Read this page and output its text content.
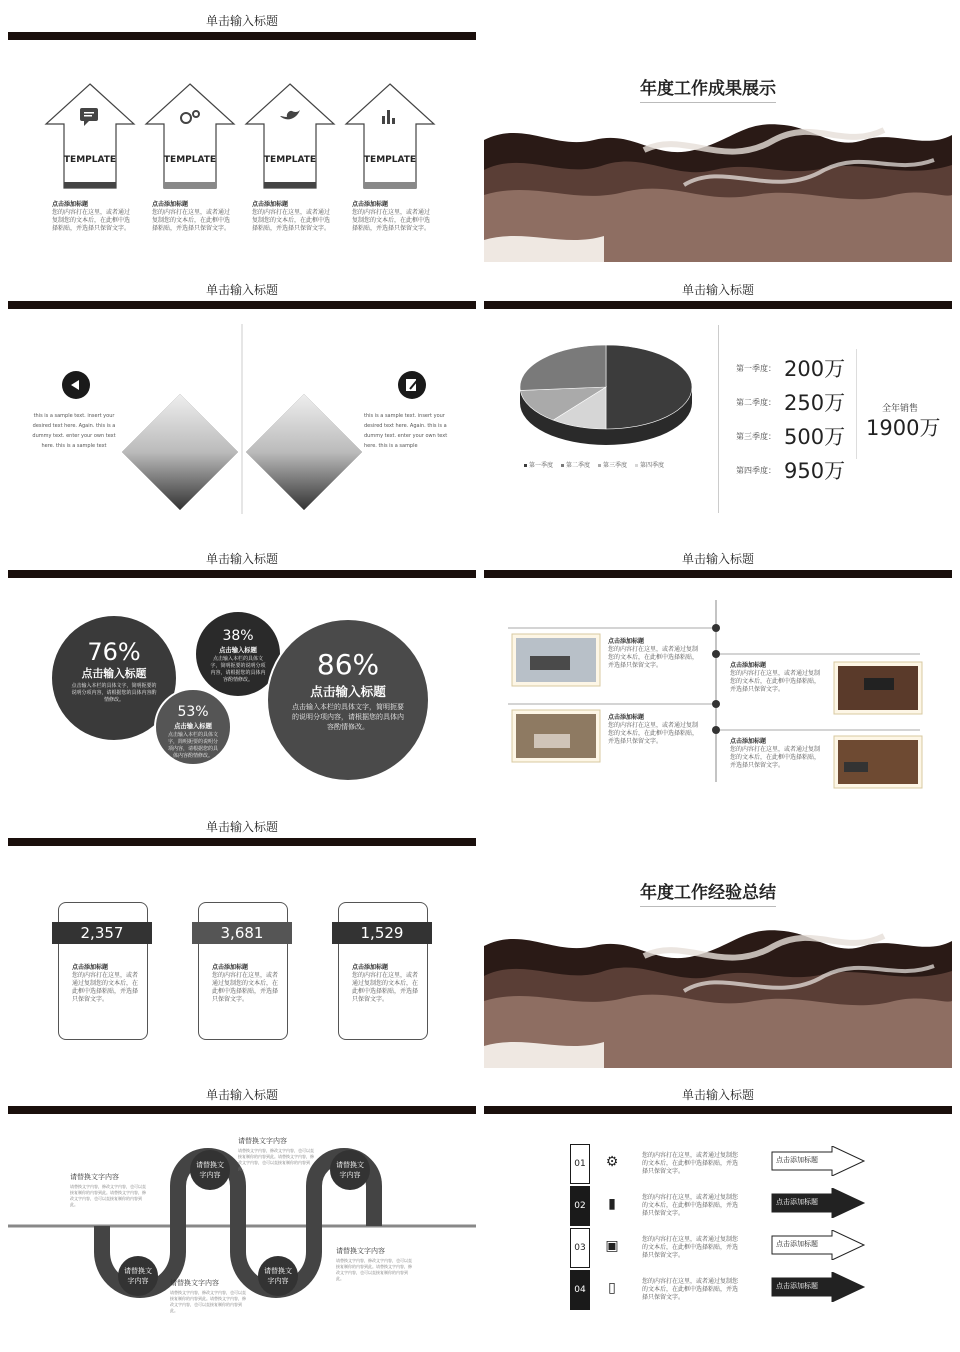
单击输入标题
TEMPLATE
点击添加标题
您的内容打在这里，或者通过复制您的文本后，在此框中选择粘贴，并选择只保留文字。
TEMPLATE
点击添加标题
您的内容打在这里，或者通过复制您的文本后，在此框中选择粘贴，并选择只保留文字。
TEMPLATE
点击添加标题
您的内容打在这里，或者通过复制您的文本后，在此框中选择粘贴，并选择只保留文字。
TEMPLATE
点击添加标题
您的内容打在这里，或者通过复制您的文本后，在此框中选择粘贴，并选择只保留文字。
年度工作成果展示
单击输入标题
this is a sample text. insert your desired text here. Again. this is a dummy text. enter your own text here. this is a sample text
this is a sample text. insert your desired text here. Again. this is a dummy text. enter your own text here. this is a sample
单击输入标题
第一季度	第二季度	第三季度	第四季度
第一季度： 200万
第二季度： 250万
第三季度： 500万
第四季度： 950万
全年销售
1900万
单击输入标题
76%
点击输入标题
点击输入本栏的具体文字，简明扼要的说明分项内容，请根据您的具体内容酌情修改。
38%
点击输入标题
点击输入本栏的具体文字，简明扼要的说明分项内容，请根据您的具体内容酌情修改。
53%
点击输入标题
点击输入本栏的具体文字，简明扼要的说明分项内容，请根据您的具体内容酌情修改。
86%
点击输入标题
点击输入本栏的具体文字，简明扼要的说明分项内容，请根据您的具体内容酌情修改。
单击输入标题
点击添加标题
您的内容打在这里，或者通过复制您的文本后，在此框中选择粘贴，并选择只保留文字。	点击添加标题
您的内容打在这里，或者通过复制您的文本后，在此框中选择粘贴，并选择只保留文字。
点击添加标题
您的内容打在这里，或者通过复制您的文本后，在此框中选择粘贴，并选择只保留文字。	点击添加标题
您的内容打在这里，或者通过复制您的文本后，在此框中选择粘贴，并选择只保留文字。
单击输入标题
2,357
点击添加标题
您的内容打在这里，或者通过复制您的文本后，在此框中选择粘贴，并选择只保留文字。
3,681
点击添加标题
您的内容打在这里，或者通过复制您的文本后，在此框中选择粘贴，并选择只保留文字。
1,529
点击添加标题
您的内容打在这里，或者通过复制您的文本后，在此框中选择粘贴，并选择只保留文字。
年度工作经验总结
单击输入标题
请替换文字内容
请替换文字内容
请替换文字内容
请替换文字内容
请替换文字内容
请替换文字内容，修改文字内容，也可以直接复制你的内容到此。请替换文字内容，修改文字内容，也可以直接复制你的内容到此。
请替换文字内容
请替换文字内容，修改文字内容，也可以直接复制你的内容到此。请替换文字内容，修改文字内容，也可以直接复制你的内容到此。
请替换文字内容
请替换文字内容，修改文字内容，也可以直接复制你的内容到此。请替换文字内容，修改文字内容，也可以直接复制你的内容到此。
请替换文字内容
请替换文字内容，修改文字内容，也可以直接复制你的内容到此。请替换文字内容，修改文字内容，也可以直接复制你的内容到此。
单击输入标题
01	⚙	您的内容打在这里，或者通过复制您的文本后，在此框中选择粘贴，并选择只保留文字。
点击添加标题
02	▮	您的内容打在这里，或者通过复制您的文本后，在此框中选择粘贴，并选择只保留文字。
点击添加标题
03	▣	您的内容打在这里，或者通过复制您的文本后，在此框中选择粘贴，并选择只保留文字。
点击添加标题
04	▯	您的内容打在这里，或者通过复制您的文本后，在此框中选择粘贴，并选择只保留文字。
点击添加标题
